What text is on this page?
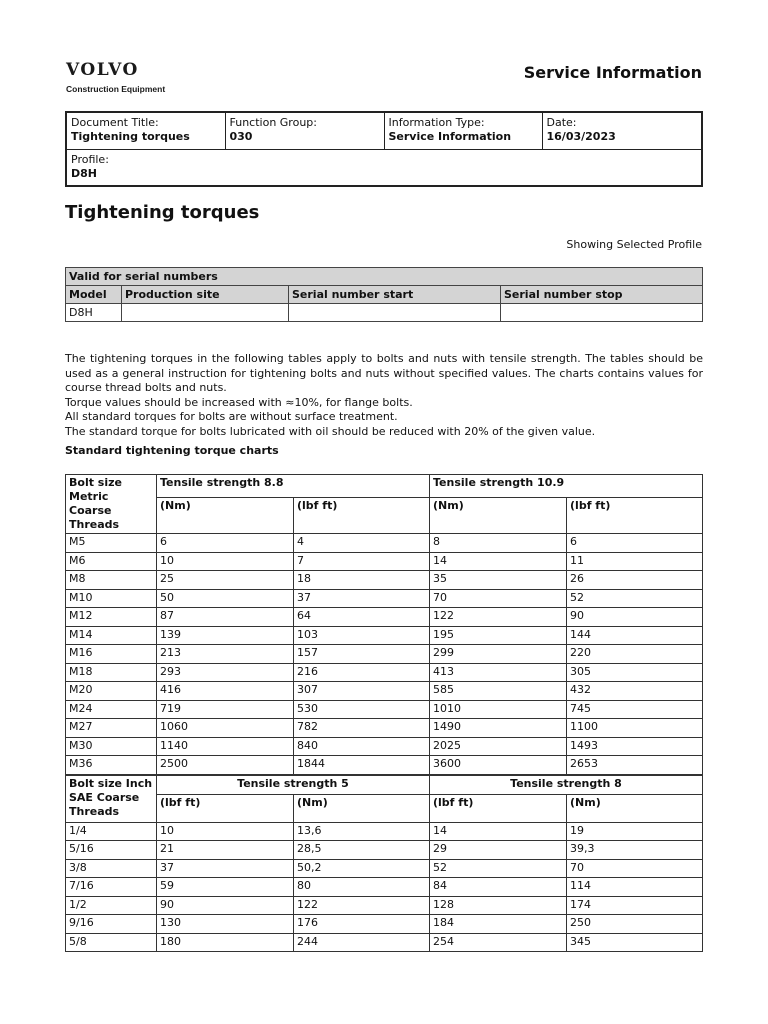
VOLVO
Construction Equipment
Service Information
Document Title:
Tightening torques

Function Group:
030

Information Type:
Service Information

Date:
16/03/2023

Profile:
D8H
Tightening torques
Showing Selected Profile
Valid for serial numbers			
Model	Production site	Serial number start	Serial number stop
D8H			

The tightening torques in the following tables apply to bolts and nuts with tensile strength. The tables should be used as a general instruction for tightening bolts and nuts without specified values. The charts contains values for course thread bolts and nuts.

Torque values should be increased with ≈10%, for flange bolts.

All standard torques for bolts are without surface treatment.

The standard torque for bolts lubricated with oil should be reduced with 20% of the given value.

Standard tightening torque charts
Bolt size Metric Coarse Threads	Tensile strength 8.8		Tensile strength 10.9	
	(Nm)	(lbf ft)	(Nm)	(lbf ft)
M5	6	4	8	6
M6	10	7	14	11
M8	25	18	35	26
M10	50	37	70	52
M12	87	64	122	90
M14	139	103	195	144
M16	213	157	299	220
M18	293	216	413	305
M20	416	307	585	432
M24	719	530	1010	745
M27	1060	782	1490	1100
M30	1140	840	2025	1493
M36	2500	1844	3600	2653
Bolt size Inch SAE Coarse Threads	Tensile strength 5		Tensile strength 8	
	(lbf ft)	(Nm)	(lbf ft)	(Nm)
1/4	10	13,6	14	19
5/16	21	28,5	29	39,3
3/8	37	50,2	52	70
7/16	59	80	84	114
1/2	90	122	128	174
9/16	130	176	184	250
5/8	180	244	254	345
